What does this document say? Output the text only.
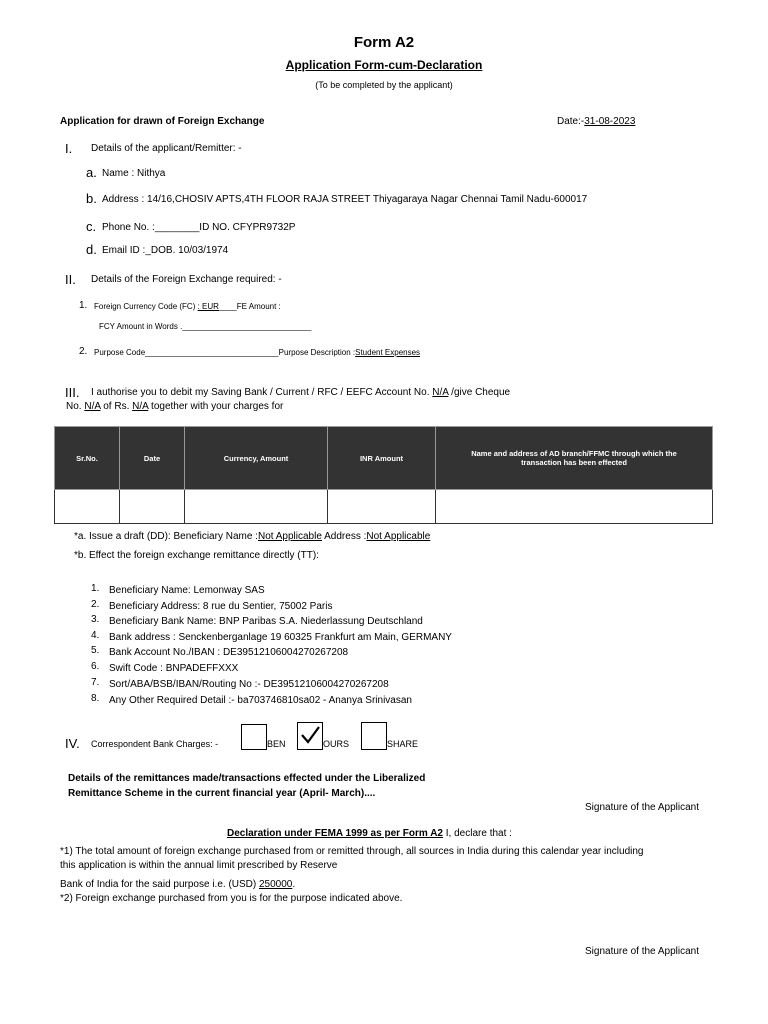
Form A2
Application Form-cum-Declaration
(To be completed by the applicant)
Application for drawn of Foreign Exchange	Date:-31-08-2023
I. Details of the applicant/Remitter: -
a. Name : Nithya
b. Address : 14/16,CHOSIV APTS,4TH FLOOR RAJA STREET Thiyagaraya Nagar Chennai Tamil Nadu-600017
c. Phone No. :________ID NO. CFYPR9732P
d. Email ID :_DOB. 10/03/1974
II. Details of the Foreign Exchange required: -
1. Foreign Currency Code (FC) : EUR____FE Amount :
FCY Amount in Words ._____________________________
2. Purpose Code______________________________Purpose Description :Student Expenses
III. I authorise you to debit my Saving Bank / Current / RFC / EEFC Account No. N/A /give Cheque
No. N/A of Rs. N/A together with your charges for
Sr.No.	Date	Currency, Amount	INR Amount	Name and address of AD branch/FFMC through which the transaction has been effected

*a. Issue a draft (DD): Beneficiary Name :Not Applicable Address :Not Applicable
*b. Effect the foreign exchange remittance directly (TT):
1. Beneficiary Name: Lemonway SAS
2. Beneficiary Address: 8 rue du Sentier, 75002 Paris
3. Beneficiary Bank Name: BNP Paribas S.A. Niederlassung Deutschland
4. Bank address : Senckenberganlage 19 60325 Frankfurt am Main, GERMANY
5. Bank Account No./IBAN : DE39512106004270267208
6. Swift Code : BNPADEFFXXX
7. Sort/ABA/BSB/IBAN/Routing No :- DE39512106004270267208
8. Any Other Required Detail :- ba703746810sa02 - Ananya Srinivasan
IV. Correspondent Bank Charges: -	BEN	OURS	SHARE
Details of the remittances made/transactions effected under the Liberalized
Remittance Scheme in the current financial year (April- March)....
Signature of the Applicant
Declaration under FEMA 1999 as per Form A2 I, declare that :
*1) The total amount of foreign exchange purchased from or remitted through, all sources in India during this calendar year including
this application is within the annual limit prescribed by Reserve
Bank of India for the said purpose i.e. (USD) 250000.
*2) Foreign exchange purchased from you is for the purpose indicated above.
Signature of the Applicant
